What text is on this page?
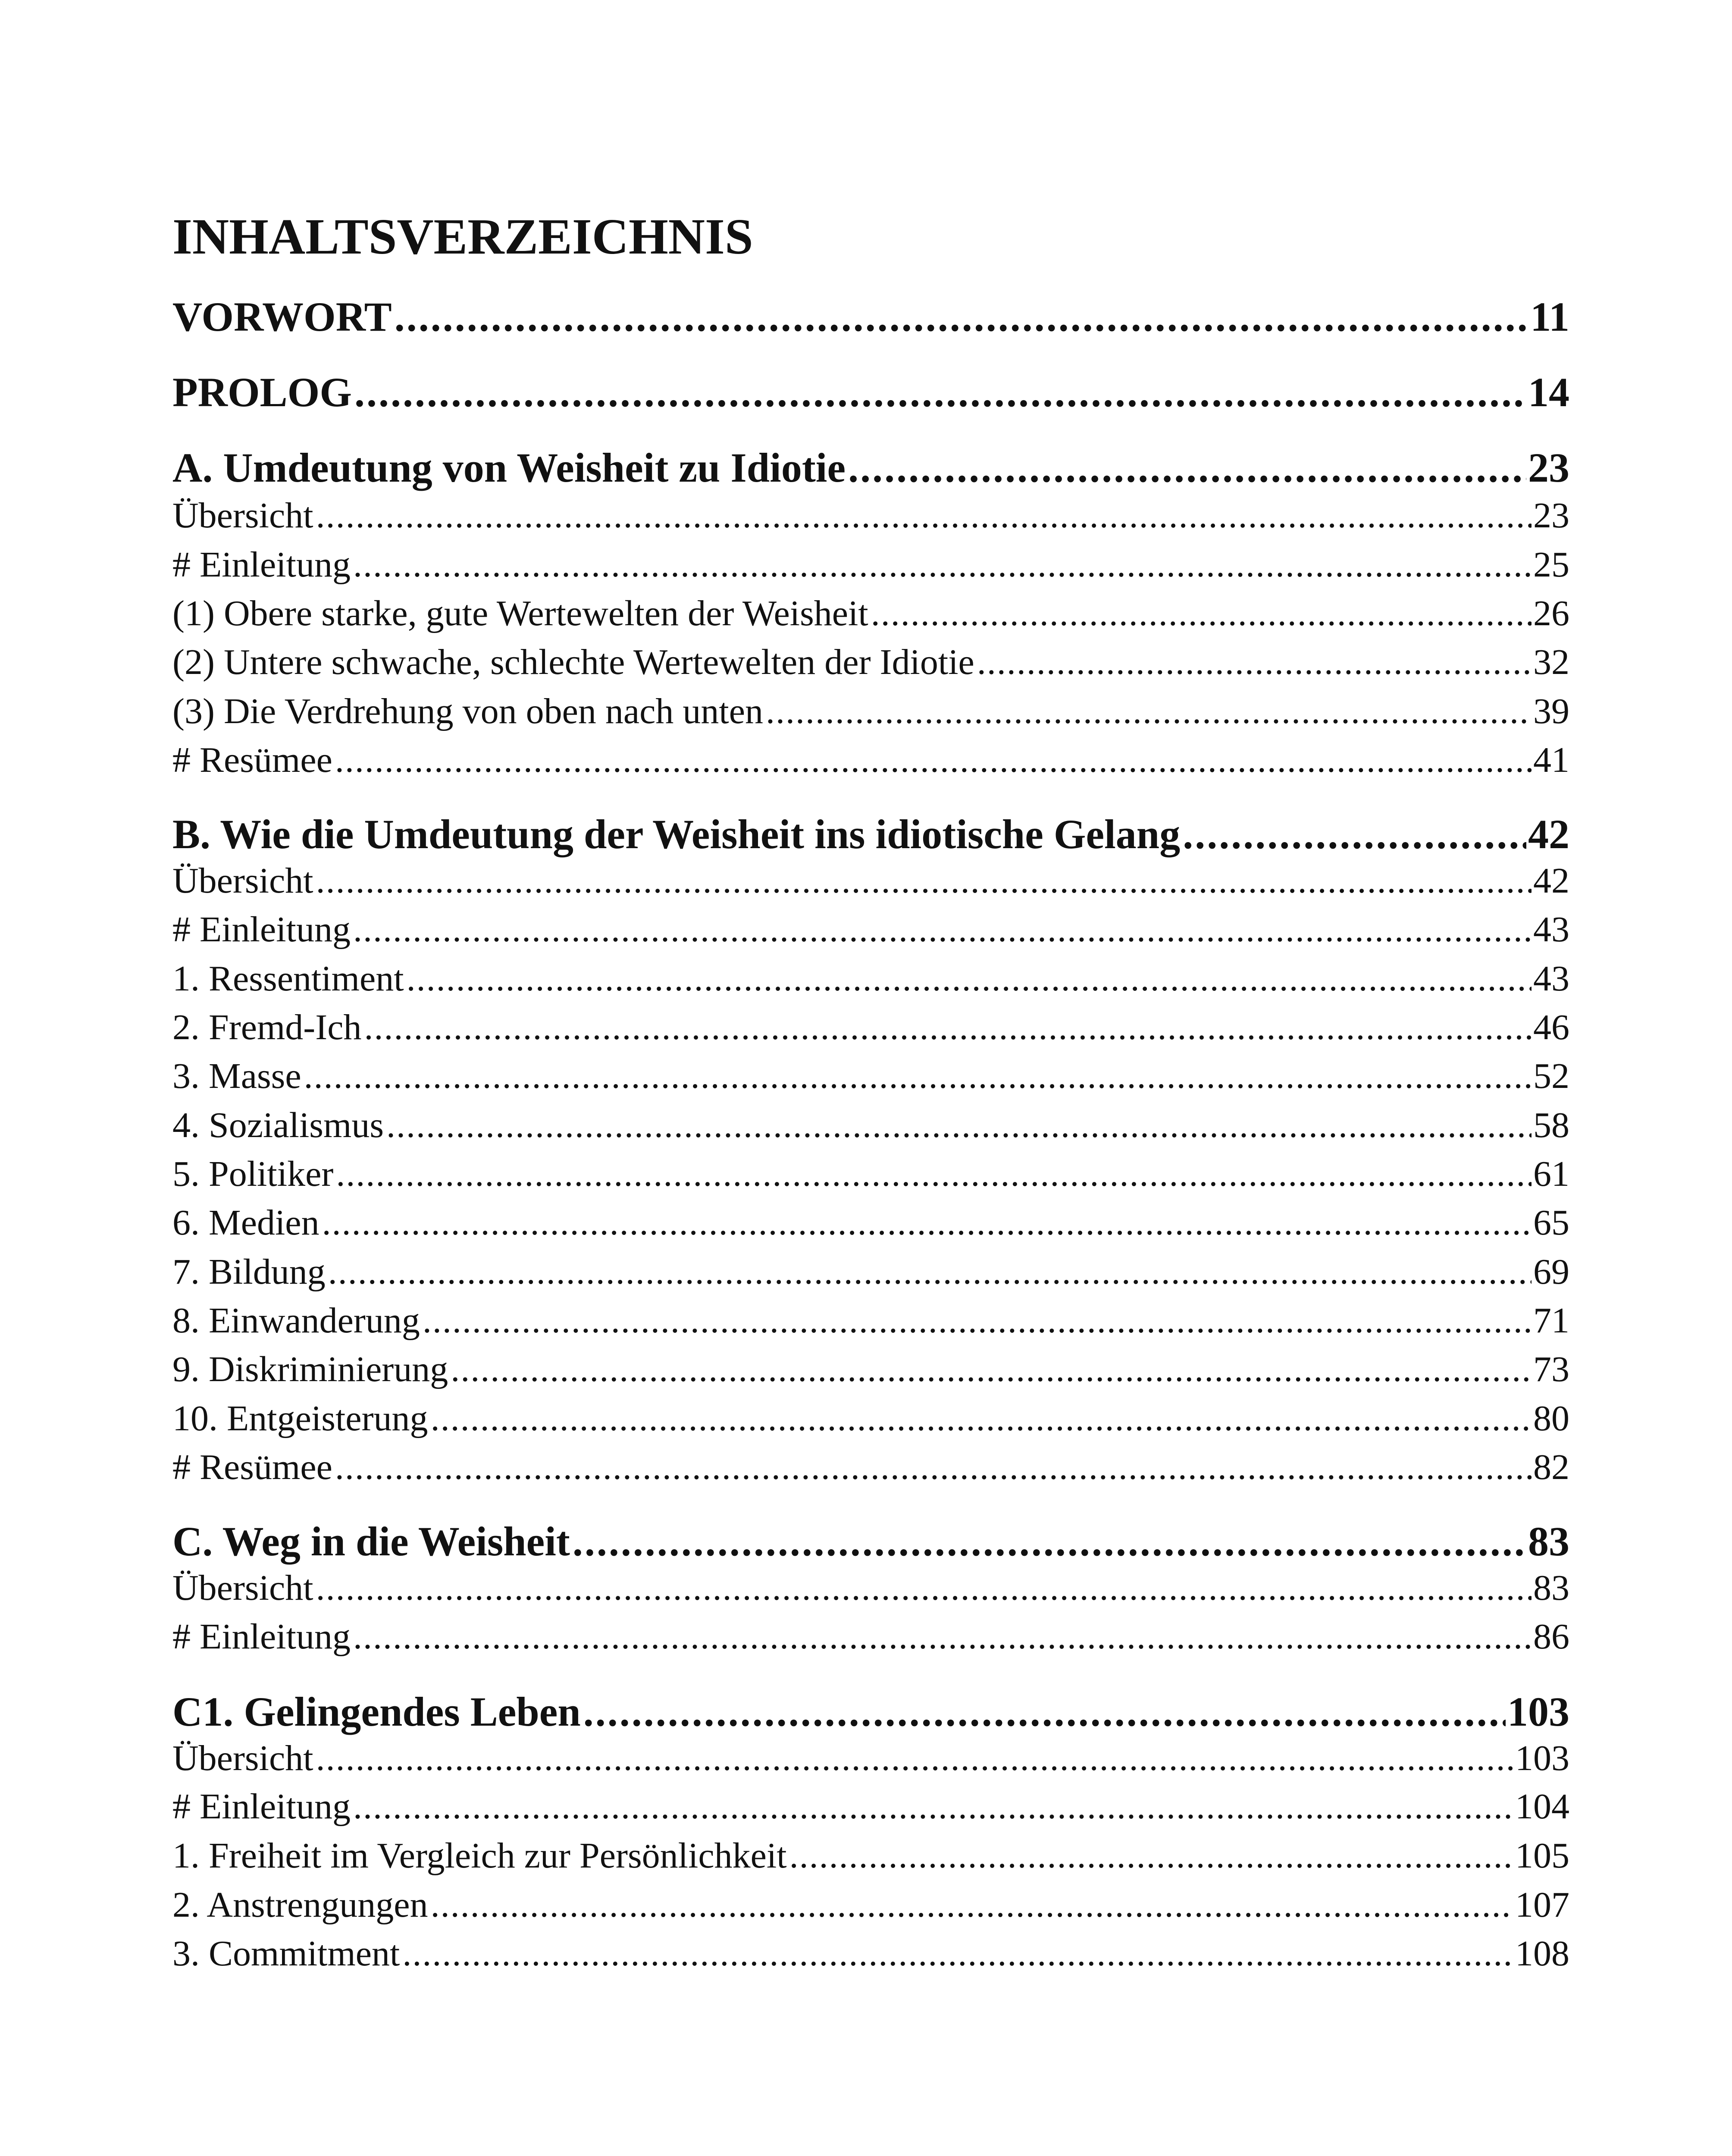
INHALTSVERZEICHNIS
VORWORT .....	11
PROLOG .....	14
A. Umdeutung von Weisheit zu Idiotie .....	23
Übersicht .....	23
# Einleitung .....	25
(1) Obere starke, gute Wertewelten der Weisheit .....	26
(2) Untere schwache, schlechte Wertewelten der Idiotie .....	32
(3) Die Verdrehung von oben nach unten .....	39
# Resümee .....	41
B. Wie die Umdeutung der Weisheit ins idiotische Gelang .....	42
Übersicht .....	42
# Einleitung .....	43
1. Ressentiment .....	43
2. Fremd-Ich .....	46
3. Masse .....	52
4. Sozialismus .....	58
5. Politiker .....	61
6. Medien .....	65
7. Bildung .....	69
8. Einwanderung .....	71
9. Diskriminierung .....	73
10. Entgeisterung .....	80
# Resümee .....	82
C. Weg in die Weisheit .....	83
Übersicht .....	83
# Einleitung .....	86
C1. Gelingendes Leben .....	103
Übersicht .....	103
# Einleitung .....	104
1. Freiheit im Vergleich zur Persönlichkeit .....	105
2. Anstrengungen .....	107
3. Commitment .....	108
